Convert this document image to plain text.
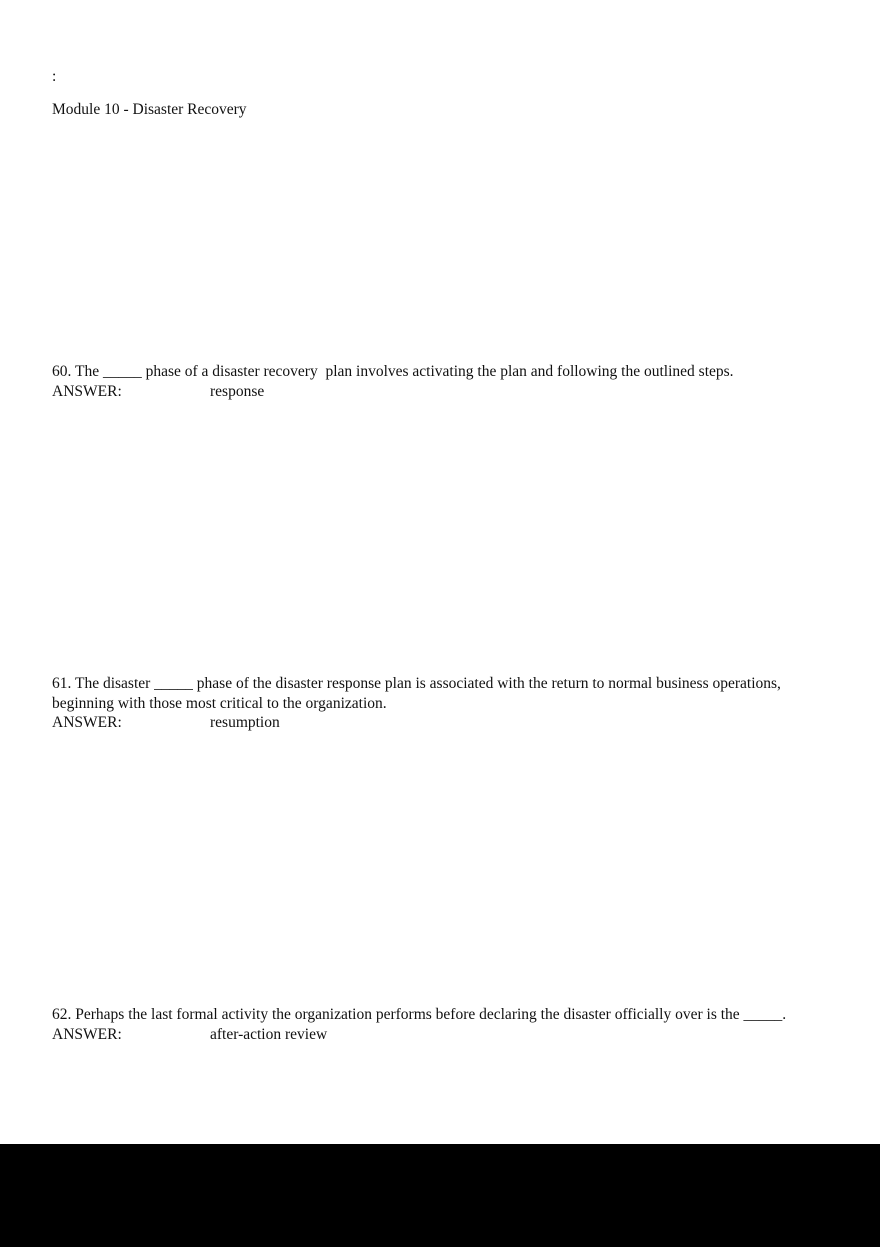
:
Module 10 - Disaster Recovery
60. The _____ phase of a disaster recovery  plan involves activating the plan and following the outlined steps.
ANSWER:	response
61. The disaster _____ phase of the disaster response plan is associated with the return to normal business operations,
beginning with those most critical to the organization.
ANSWER:	resumption
62. Perhaps the last formal activity the organization performs before declaring the disaster officially over is the _____.
ANSWER:	after-action review
